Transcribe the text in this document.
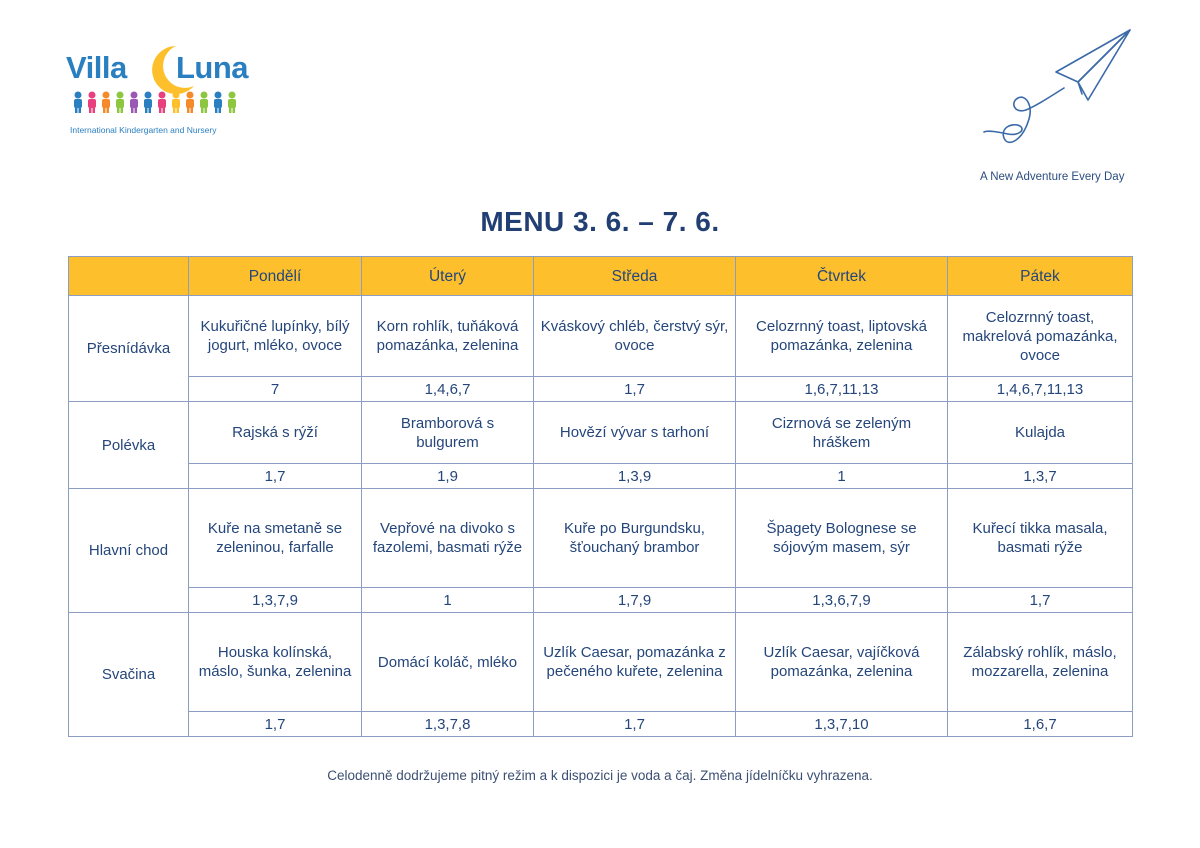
Villa Luna
International Kindergarten and Nursery
A New Adventure Every Day
MENU 3. 6. – 7. 6.
	Pondělí	Úterý	Středa	Čtvrtek	Pátek
Přesnídávka	Kukuřičné lupínky, bílý jogurt, mléko, ovoce	Korn rohlík, tuňáková pomazánka, zelenina	Kváskový chléb, čerstvý sýr, ovoce	Celozrnný toast, liptovská pomazánka, zelenina	Celozrnný toast, makrelová pomazánka, ovoce
	7	1,4,6,7	1,7	1,6,7,11,13	1,4,6,7,11,13
Polévka	Rajská s rýží	Bramborová s bulgurem	Hovězí vývar s tarhoní	Cizrnová se zeleným hráškem	Kulajda
	1,7	1,9	1,3,9	1	1,3,7
Hlavní chod	Kuře na smetaně se zeleninou, farfalle	Vepřové na divoko s fazolemi, basmati rýže	Kuře po Burgundsku, šťouchaný brambor	Špagety Bolognese se sójovým masem, sýr	Kuřecí tikka masala, basmati rýže
	1,3,7,9	1	1,7,9	1,3,6,7,9	1,7
Svačina	Houska kolínská, máslo, šunka, zelenina	Domácí koláč, mléko	Uzlík Caesar, pomazánka z pečeného kuřete, zelenina	Uzlík Caesar, vajíčková pomazánka, zelenina	Zálabský rohlík, máslo, mozzarella, zelenina
	1,7	1,3,7,8	1,7	1,3,7,10	1,6,7
Celodenně dodržujeme pitný režim a k dispozici je voda a čaj. Změna jídelníčku vyhrazena.
